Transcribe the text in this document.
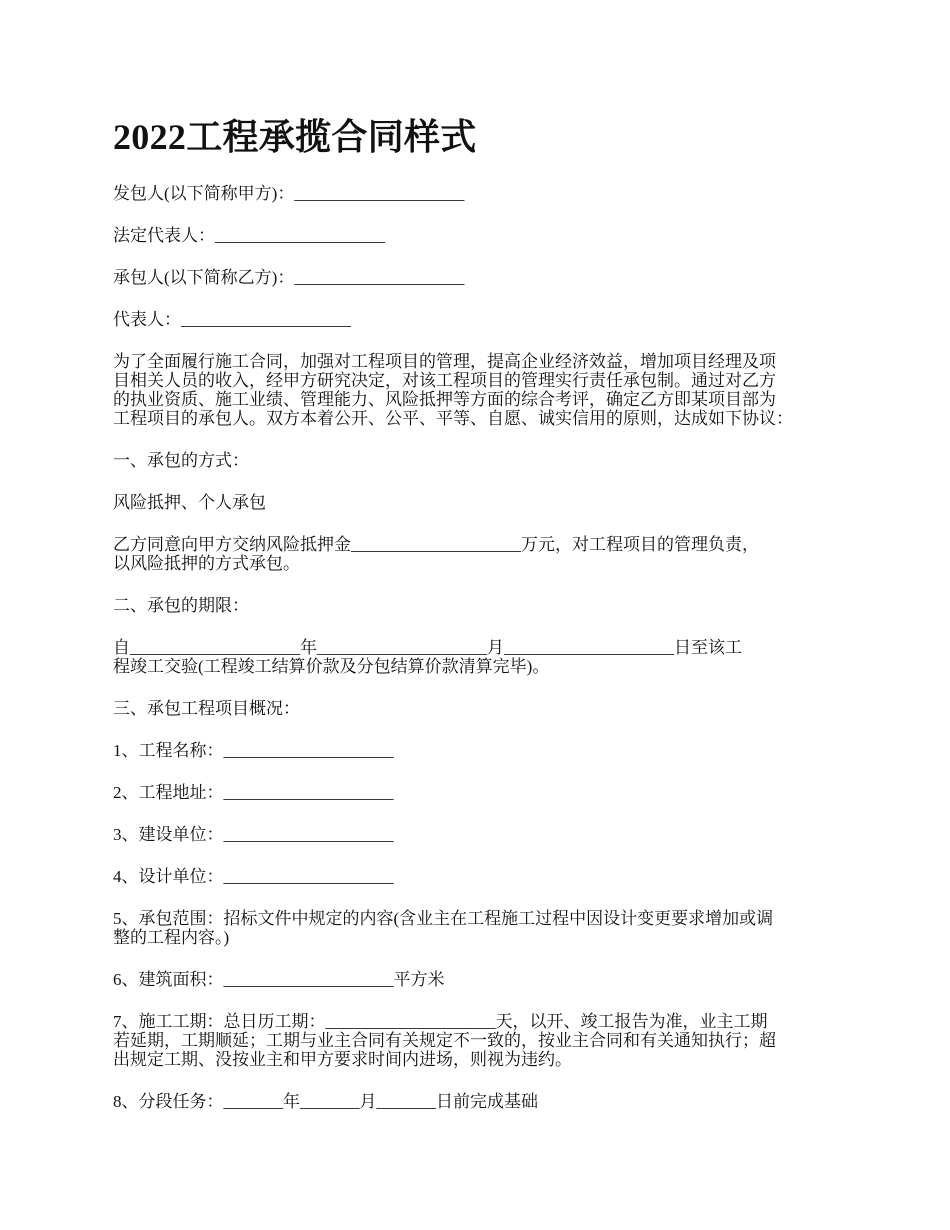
2022工程承揽合同样式

发包人(以下简称甲方)：____________________

法定代表人：____________________

承包人(以下简称乙方)：____________________

代表人：____________________

为了全面履行施工合同，加强对工程项目的管理，提高企业经济效益，增加项目经理及项
目相关人员的收入，经甲方研究决定，对该工程项目的管理实行责任承包制。通过对乙方
的执业资质、施工业绩、管理能力、风险抵押等方面的综合考评，确定乙方即某项目部为
工程项目的承包人。双方本着公开、公平、平等、自愿、诚实信用的原则，达成如下协议：

一、承包的方式：

风险抵押、个人承包

乙方同意向甲方交纳风险抵押金____________________万元，对工程项目的管理负责，
以风险抵押的方式承包。

二、承包的期限：

自____________________年____________________月____________________日至该工
程竣工交验(工程竣工结算价款及分包结算价款清算完毕)。

三、承包工程项目概况：

1、工程名称：____________________

2、工程地址：____________________

3、建设单位：____________________

4、设计单位：____________________

5、承包范围：招标文件中规定的内容(含业主在工程施工过程中因设计变更要求增加或调
整的工程内容。)

6、建筑面积：____________________平方米

7、施工工期：总日历工期：____________________天，以开、竣工报告为准，业主工期
若延期，工期顺延；工期与业主合同有关规定不一致的，按业主合同和有关通知执行；超
出规定工期、没按业主和甲方要求时间内进场，则视为违约。

8、分段任务：_______年_______月_______日前完成基础
